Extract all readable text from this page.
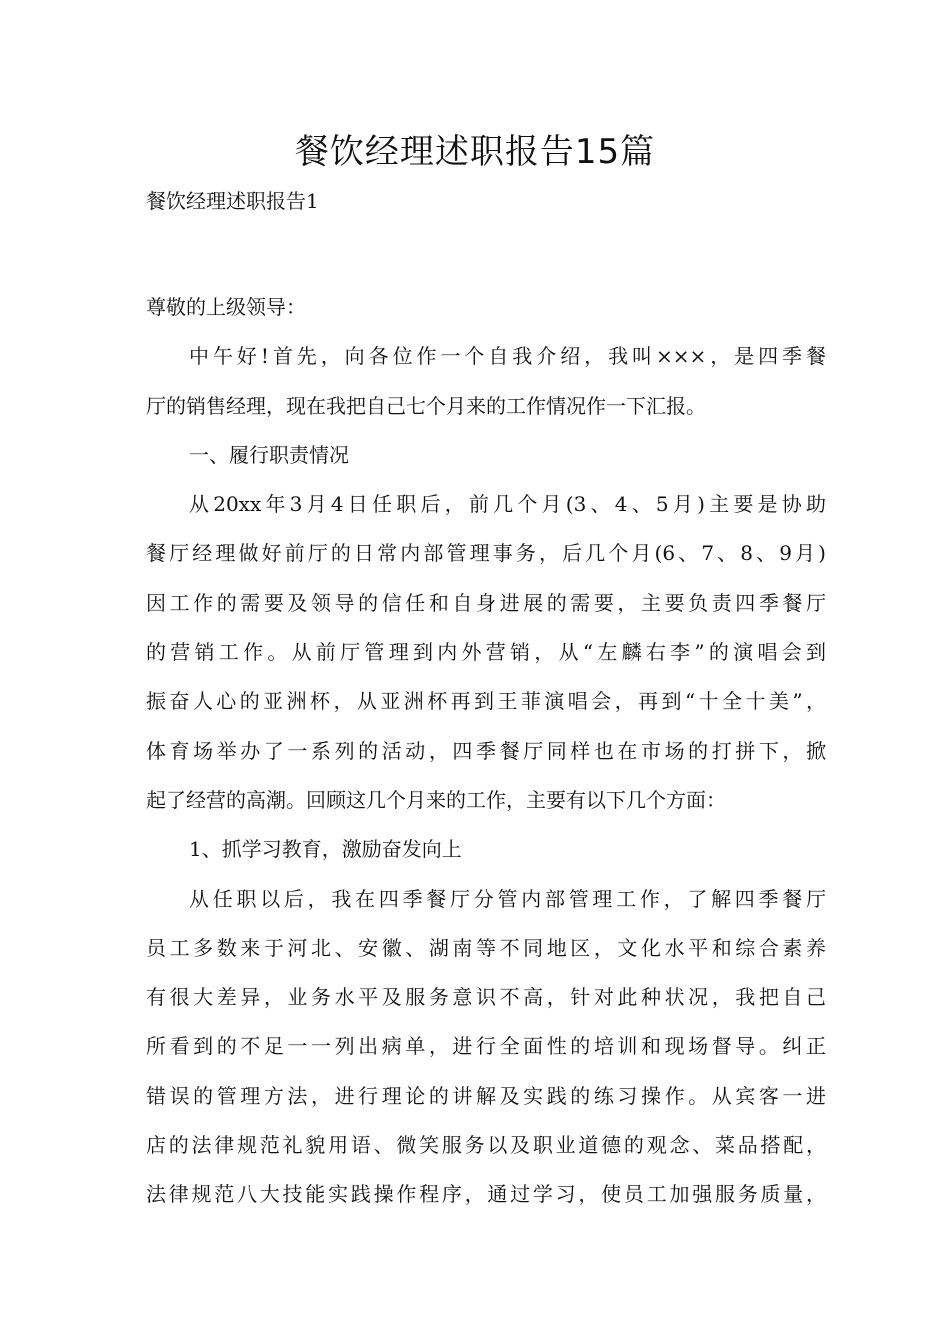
餐饮经理述职报告15篇
餐饮经理述职报告1
尊敬的上级领导：
中午好!首先，向各位作一个自我介绍，我叫×××，是四季餐
厅的销售经理，现在我把自己七个月来的工作情况作一下汇报。
一、履行职责情况
从20xx年3月4日任职后，前几个月(3、4、5月)主要是协助
餐厅经理做好前厅的日常内部管理事务，后几个月(6、7、8、9月)
因工作的需要及领导的信任和自身进展的需要，主要负责四季餐厅
的营销工作。从前厅管理到内外营销，从“左麟右李”的演唱会到
振奋人心的亚洲杯，从亚洲杯再到王菲演唱会，再到“十全十美”，
体育场举办了一系列的活动，四季餐厅同样也在市场的打拼下，掀
起了经营的高潮。回顾这几个月来的工作，主要有以下几个方面：
1、抓学习教育，激励奋发向上
从任职以后，我在四季餐厅分管内部管理工作，了解四季餐厅
员工多数来于河北、安徽、湖南等不同地区，文化水平和综合素养
有很大差异，业务水平及服务意识不高，针对此种状况，我把自己
所看到的不足一一列出病单，进行全面性的培训和现场督导。纠正
错误的管理方法，进行理论的讲解及实践的练习操作。从宾客一进
店的法律规范礼貌用语、微笑服务以及职业道德的观念、菜品搭配，
法律规范八大技能实践操作程序，通过学习，使员工加强服务质量，
